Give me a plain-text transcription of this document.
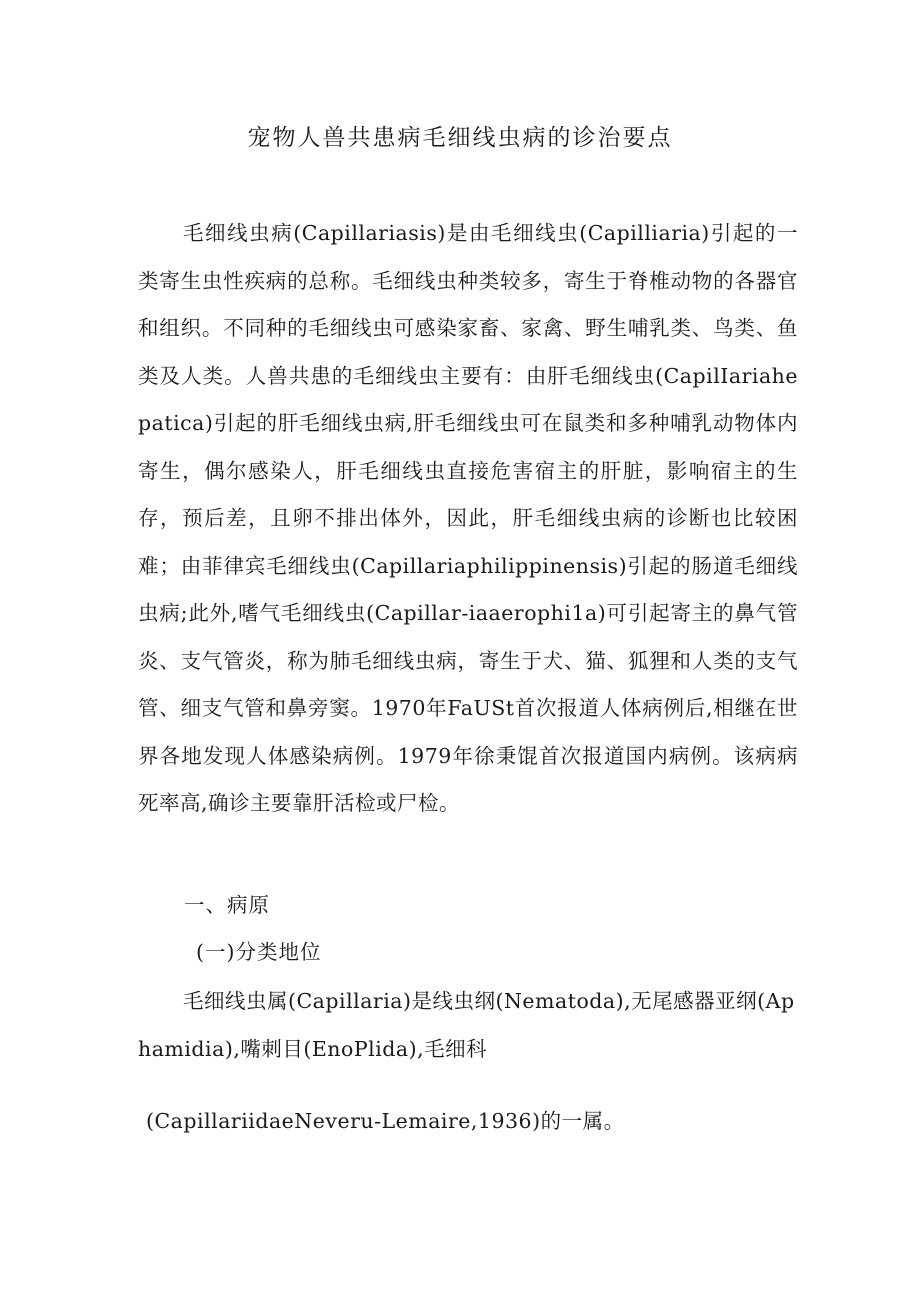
宠物人兽共患病毛细线虫病的诊治要点

毛细线虫病(Capillariasis)是由毛细线虫(Capilliaria)引起的一类寄生虫性疾病的总称。毛细线虫种类较多，寄生于脊椎动物的各器官和组织。不同种的毛细线虫可感染家畜、家禽、野生哺乳类、鸟类、鱼类及人类。人兽共患的毛细线虫主要有：由肝毛细线虫(CapilIariahepatica)引起的肝毛细线虫病,肝毛细线虫可在鼠类和多种哺乳动物体内寄生，偶尔感染人，肝毛细线虫直接危害宿主的肝脏，影响宿主的生存，预后差，且卵不排出体外，因此，肝毛细线虫病的诊断也比较困难；由菲律宾毛细线虫(Capillariaphilippinensis)引起的肠道毛细线虫病;此外,嗜气毛细线虫(Capillar-iaaerophi1a)可引起寄主的鼻气管炎、支气管炎，称为肺毛细线虫病，寄生于犬、猫、狐狸和人类的支气管、细支气管和鼻旁窦。1970年FaUSt首次报道人体病例后,相继在世界各地发现人体感染病例。1979年徐秉馄首次报道国内病例。该病病死率高,确诊主要靠肝活检或尸检。

一、病原
(一)分类地位

毛细线虫属(Capillaria)是线虫纲(Nematoda),无尾感器亚纲(Aphamidia),嘴刺目(EnoPlida),毛细科

(CapillariidaeNeveru-Lemaire,1936)的一属。
